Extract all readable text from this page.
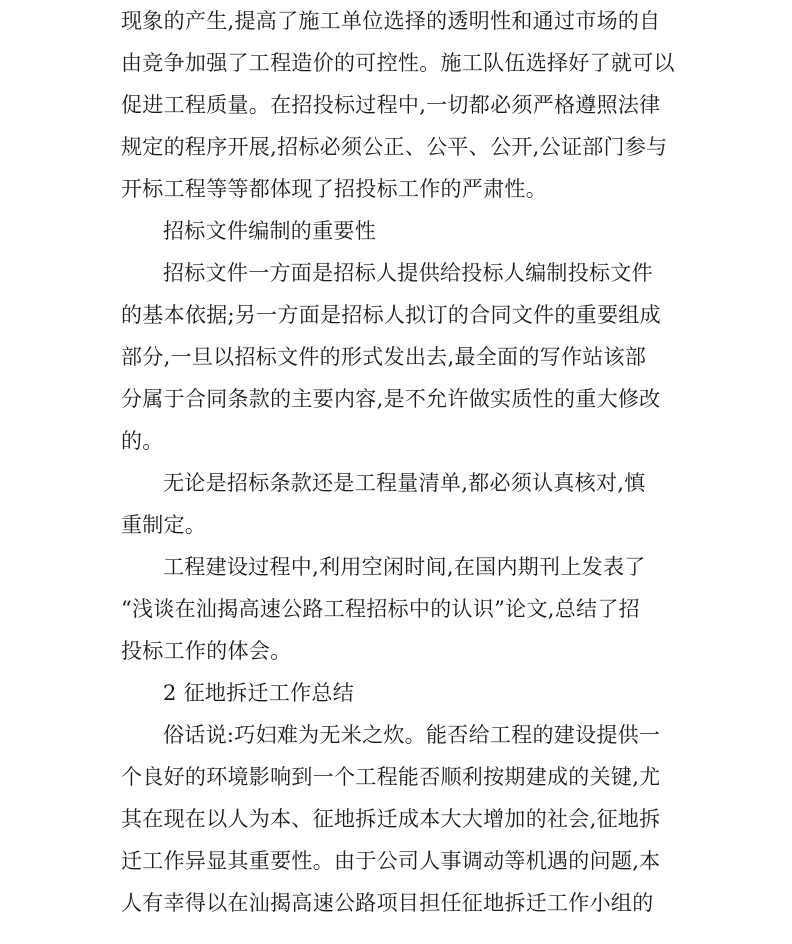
现象的产生,提高了施工单位选择的透明性和通过市场的自
由竞争加强了工程造价的可控性。施工队伍选择好了就可以
促进工程质量。在招投标过程中,一切都必须严格遵照法律
规定的程序开展,招标必须公正、公平、公开,公证部门参与
开标工程等等都体现了招投标工作的严肃性。
招标文件编制的重要性
招标文件一方面是招标人提供给投标人编制投标文件
的基本依据;另一方面是招标人拟订的合同文件的重要组成
部分,一旦以招标文件的形式发出去,最全面的写作站该部
分属于合同条款的主要内容,是不允许做实质性的重大修改
的。
无论是招标条款还是工程量清单,都必须认真核对,慎
重制定。
工程建设过程中,利用空闲时间,在国内期刊上发表了
“浅谈在汕揭高速公路工程招标中的认识”论文,总结了招
投标工作的体会。
2 征地拆迁工作总结
俗话说:巧妇难为无米之炊。能否给工程的建设提供一
个良好的环境影响到一个工程能否顺利按期建成的关键,尤
其在现在以人为本、征地拆迁成本大大增加的社会,征地拆
迁工作异显其重要性。由于公司人事调动等机遇的问题,本
人有幸得以在汕揭高速公路项目担任征地拆迁工作小组的
